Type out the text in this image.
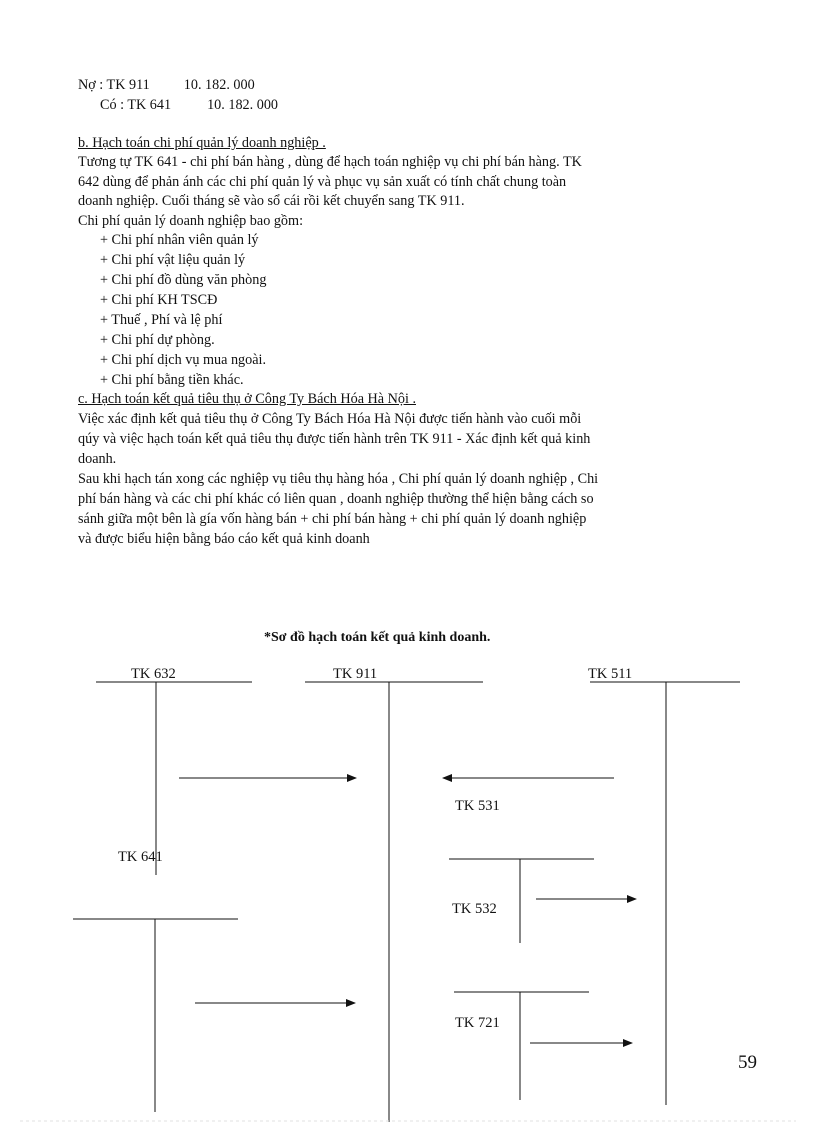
Nợ : TK 911 10. 182. 000
Có : TK 641	10. 182. 000
b. Hạch toán chi phí quản lý doanh nghiệp .
Tương tự TK 641 - chi phí bán hàng , dùng để hạch toán nghiệp vụ chi phí bán hàng. TK
642 dùng để phản ánh các chi phí quản lý và phục vụ sản xuất có tính chất chung toàn
doanh nghiệp. Cuối tháng sẽ vào sổ cái rồi kết chuyển sang TK 911.
Chi phí quản lý doanh nghiệp bao gồm:
+ Chi phí nhân viên quản lý
+ Chi phí vật liệu quản lý
+ Chi phí đồ dùng văn phòng
+ Chi phí KH TSCĐ
+ Thuế , Phí và lệ phí
+ Chi phí dự phòng.
+ Chi phí dịch vụ mua ngoài.
+ Chi phí bằng tiền khác.
c. Hạch toán kết quả tiêu thụ ở Công Ty Bách Hóa Hà Nội .
Việc xác định kết quả tiêu thụ ở Công Ty Bách Hóa Hà Nội được tiến hành vào cuối mỗi
qúy và việc hạch toán kết quả tiêu thụ được tiến hành trên TK 911 - Xác định kết quả kinh
doanh.
Sau khi hạch tán xong các nghiệp vụ tiêu thụ hàng hóa , Chi phí quản lý doanh nghiệp , Chi
phí bán hàng và các chi phí khác có liên quan , doanh nghiệp thường thể hiện bằng cách so
sánh giữa một bên là gía vốn hàng bán + chi phí bán hàng + chi phí quản lý doanh nghiệp
và được biểu hiện bằng báo cáo kết quả kinh doanh
*Sơ đồ hạch toán kết quả kinh doanh.
TK 632	TK 911	TK 511
TK 531
TK 641
TK 532
TK 721
59
